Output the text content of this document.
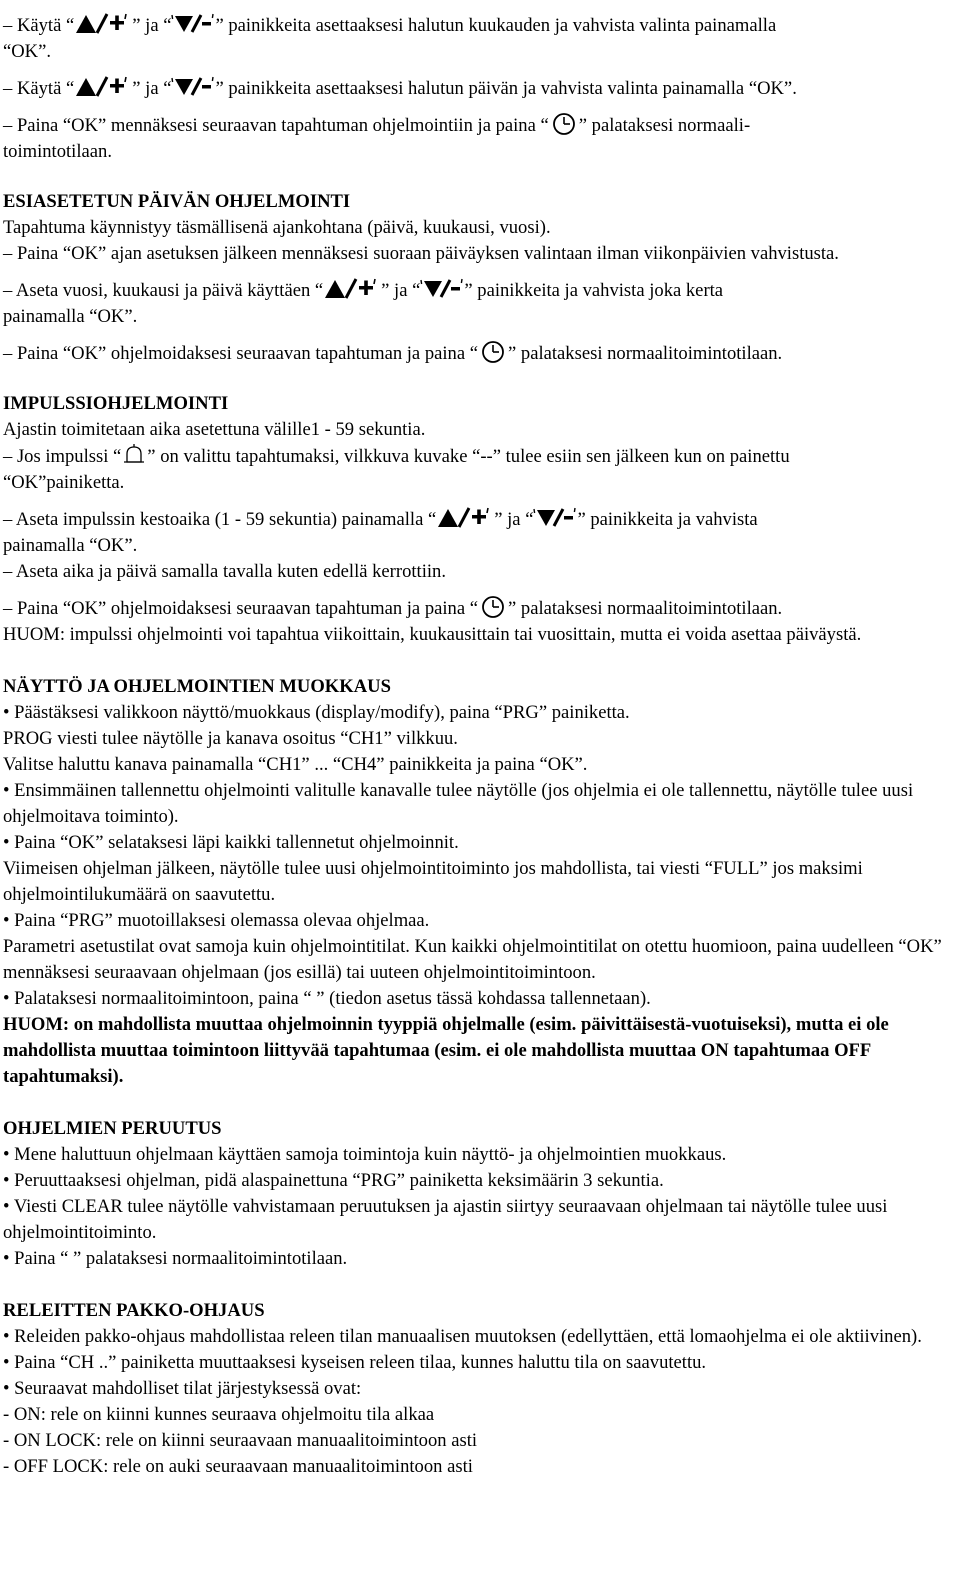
– Käytä “	” ja “ ” painikkeita asettaaksesi halutun kuukauden ja vahvista valinta painamalla
“OK”.

– Käytä “	” ja “ ” painikkeita asettaaksesi halutun päivän ja vahvista valinta painamalla “OK”.

– Paina “OK” mennäksesi seuraavan tapahtuman ohjelmointiin ja paina “ ” palataksesi normaali-
toimintotilaan.

ESIASETETUN PÄIVÄN OHJELMOINTI

Tapahtuma käynnistyy täsmällisenä ajankohtana (päivä, kuukausi, vuosi).

– Paina “OK” ajan asetuksen jälkeen mennäksesi suoraan päiväyksen valintaan ilman viikonpäivien vahvistusta.

– Aseta vuosi, kuukausi ja päivä käyttäen “	” ja “ ” painikkeita ja vahvista joka kerta
painamalla “OK”.

– Paina “OK” ohjelmoidaksesi seuraavan tapahtuman ja paina “ ” palataksesi normaalitoimintotilaan.

IMPULSSIOHJELMOINTI

Ajastin toimitetaan aika asetettuna välille1 - 59 sekuntia.

– Jos impulssi “ ” on valittu tapahtumaksi, vilkkuva kuvake “--” tulee esiin sen jälkeen kun on painettu
“OK”painiketta.

– Aseta impulssin kestoaika (1 - 59 sekuntia) painamalla “	” ja “ ” painikkeita ja vahvista
painamalla “OK”.

– Aseta aika ja päivä samalla tavalla kuten edellä kerrottiin.

– Paina “OK” ohjelmoidaksesi seuraavan tapahtuman ja paina “ ” palataksesi normaalitoimintotilaan.

HUOM: impulssi ohjelmointi voi tapahtua viikoittain, kuukausittain tai vuosittain, mutta ei voida asettaa päiväystä.

NÄYTTÖ JA OHJELMOINTIEN MUOKKAUS

• Päästäksesi valikkoon näyttö/muokkaus (display/modify), paina “PRG” painiketta.

PROG viesti tulee näytölle ja kanava osoitus “CH1” vilkkuu.

Valitse haluttu kanava painamalla “CH1” ... “CH4” painikkeita ja paina “OK”.

• Ensimmäinen tallennettu ohjelmointi valitulle kanavalle tulee näytölle (jos ohjelmia ei ole tallennettu, näytölle tulee uusi ohjelmoitava toiminto).

• Paina “OK” selataksesi läpi kaikki tallennetut ohjelmoinnit.

Viimeisen ohjelman jälkeen, näytölle tulee uusi ohjelmointitoiminto jos mahdollista, tai viesti “FULL” jos maksimi ohjelmointilukumäärä on saavutettu.

• Paina “PRG” muotoillaksesi olemassa olevaa ohjelmaa.

Parametri asetustilat ovat samoja kuin ohjelmointitilat. Kun kaikki ohjelmointitilat on otettu huomioon, paina uudelleen “OK” mennäksesi seuraavaan ohjelmaan (jos esillä) tai uuteen ohjelmointitoimintoon.

• Palataksesi normaalitoimintoon, paina “ ” (tiedon asetus tässä kohdassa tallennetaan).

HUOM: on mahdollista muuttaa ohjelmoinnin tyyppiä ohjelmalle (esim. päivittäisestä-vuotuiseksi), mutta ei ole mahdollista muuttaa toimintoon liittyvää tapahtumaa (esim. ei ole mahdollista muuttaa ON tapahtumaa OFF tapahtumaksi).

OHJELMIEN PERUUTUS

• Mene haluttuun ohjelmaan käyttäen samoja toimintoja kuin näyttö- ja ohjelmointien muokkaus.

• Peruuttaaksesi ohjelman, pidä alaspainettuna “PRG” painiketta keksimäärin 3 sekuntia.

• Viesti CLEAR tulee näytölle vahvistamaan peruutuksen ja ajastin siirtyy seuraavaan ohjelmaan tai näytölle tulee uusi ohjelmointitoiminto.

• Paina “ ” palataksesi normaalitoimintotilaan.

RELEITTEN PAKKO-OHJAUS

• Releiden pakko-ohjaus mahdollistaa releen tilan manuaalisen muutoksen (edellyttäen, että lomaohjelma ei ole aktiivinen).

• Paina “CH ..” painiketta muuttaaksesi kyseisen releen tilaa, kunnes haluttu tila on saavutettu.

• Seuraavat mahdolliset tilat järjestyksessä ovat:

- ON: rele on kiinni kunnes seuraava ohjelmoitu tila alkaa

- ON LOCK: rele on kiinni seuraavaan manuaalitoimintoon asti

- OFF LOCK: rele on auki seuraavaan manuaalitoimintoon asti
